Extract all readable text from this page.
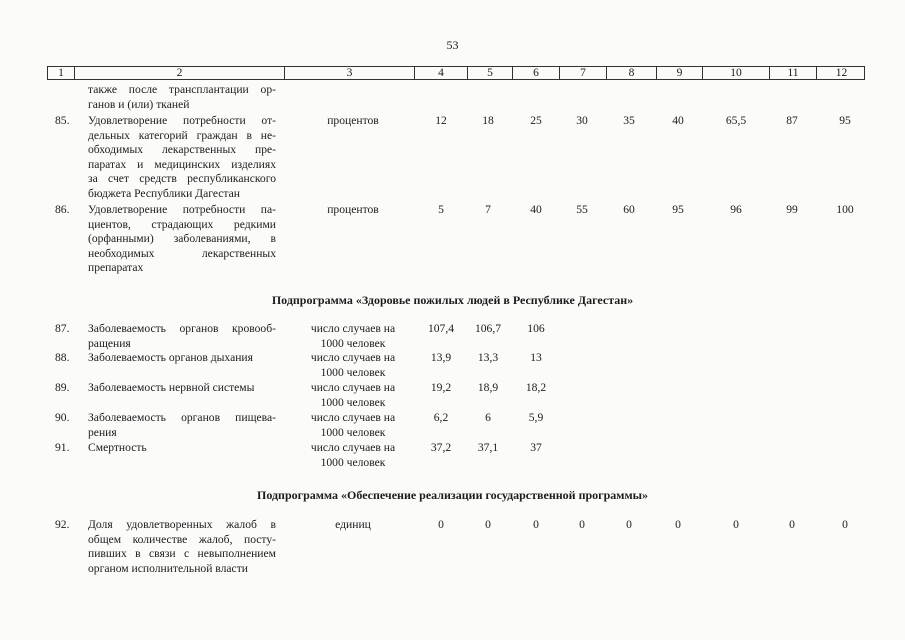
53
1	2	3	4	5	6	7	8	9	10	11	12
также после трансплантации ор-
ганов и (или) тканей
85. Удовлетворение потребности от-
дельных категорий граждан в не-
обходимых лекарственных пре-
паратах и медицинских изделиях
за счет средств республиканского
бюджета Республики Дагестан
процентов	12	18	25	30	35	40	65,5	87	95
86. Удовлетворение потребности па-
циентов, страдающих редкими
(орфанными) заболеваниями, в
необходимых лекарственных
препаратах
процентов	5	7	40	55	60	95	96	99	100
87. Заболеваемость органов кровооб-
ращения
число случаев на
1000 человек
107,4	106,7	106
88. Заболеваемость органов дыхания	число случаев на
1000 человек
13,9	13,3	13
89. Заболеваемость нервной системы	число случаев на
1000 человек
19,2	18,9	18,2
90. Заболеваемость органов пищева-
рения
число случаев на
1000 человек
6,2	6	5,9
91. Смертность	число случаев на
1000 человек
37,2	37,1	37
92. Доля удовлетворенных жалоб в
общем количестве жалоб, посту-
пивших в связи с невыполнением
органом исполнительной власти
единиц	0	0	0	0	0	0	0	0	0
Подпрограмма «Здоровье пожилых людей в Республике Дагестан»
Подпрограмма «Обеспечение реализации государственной программы»
